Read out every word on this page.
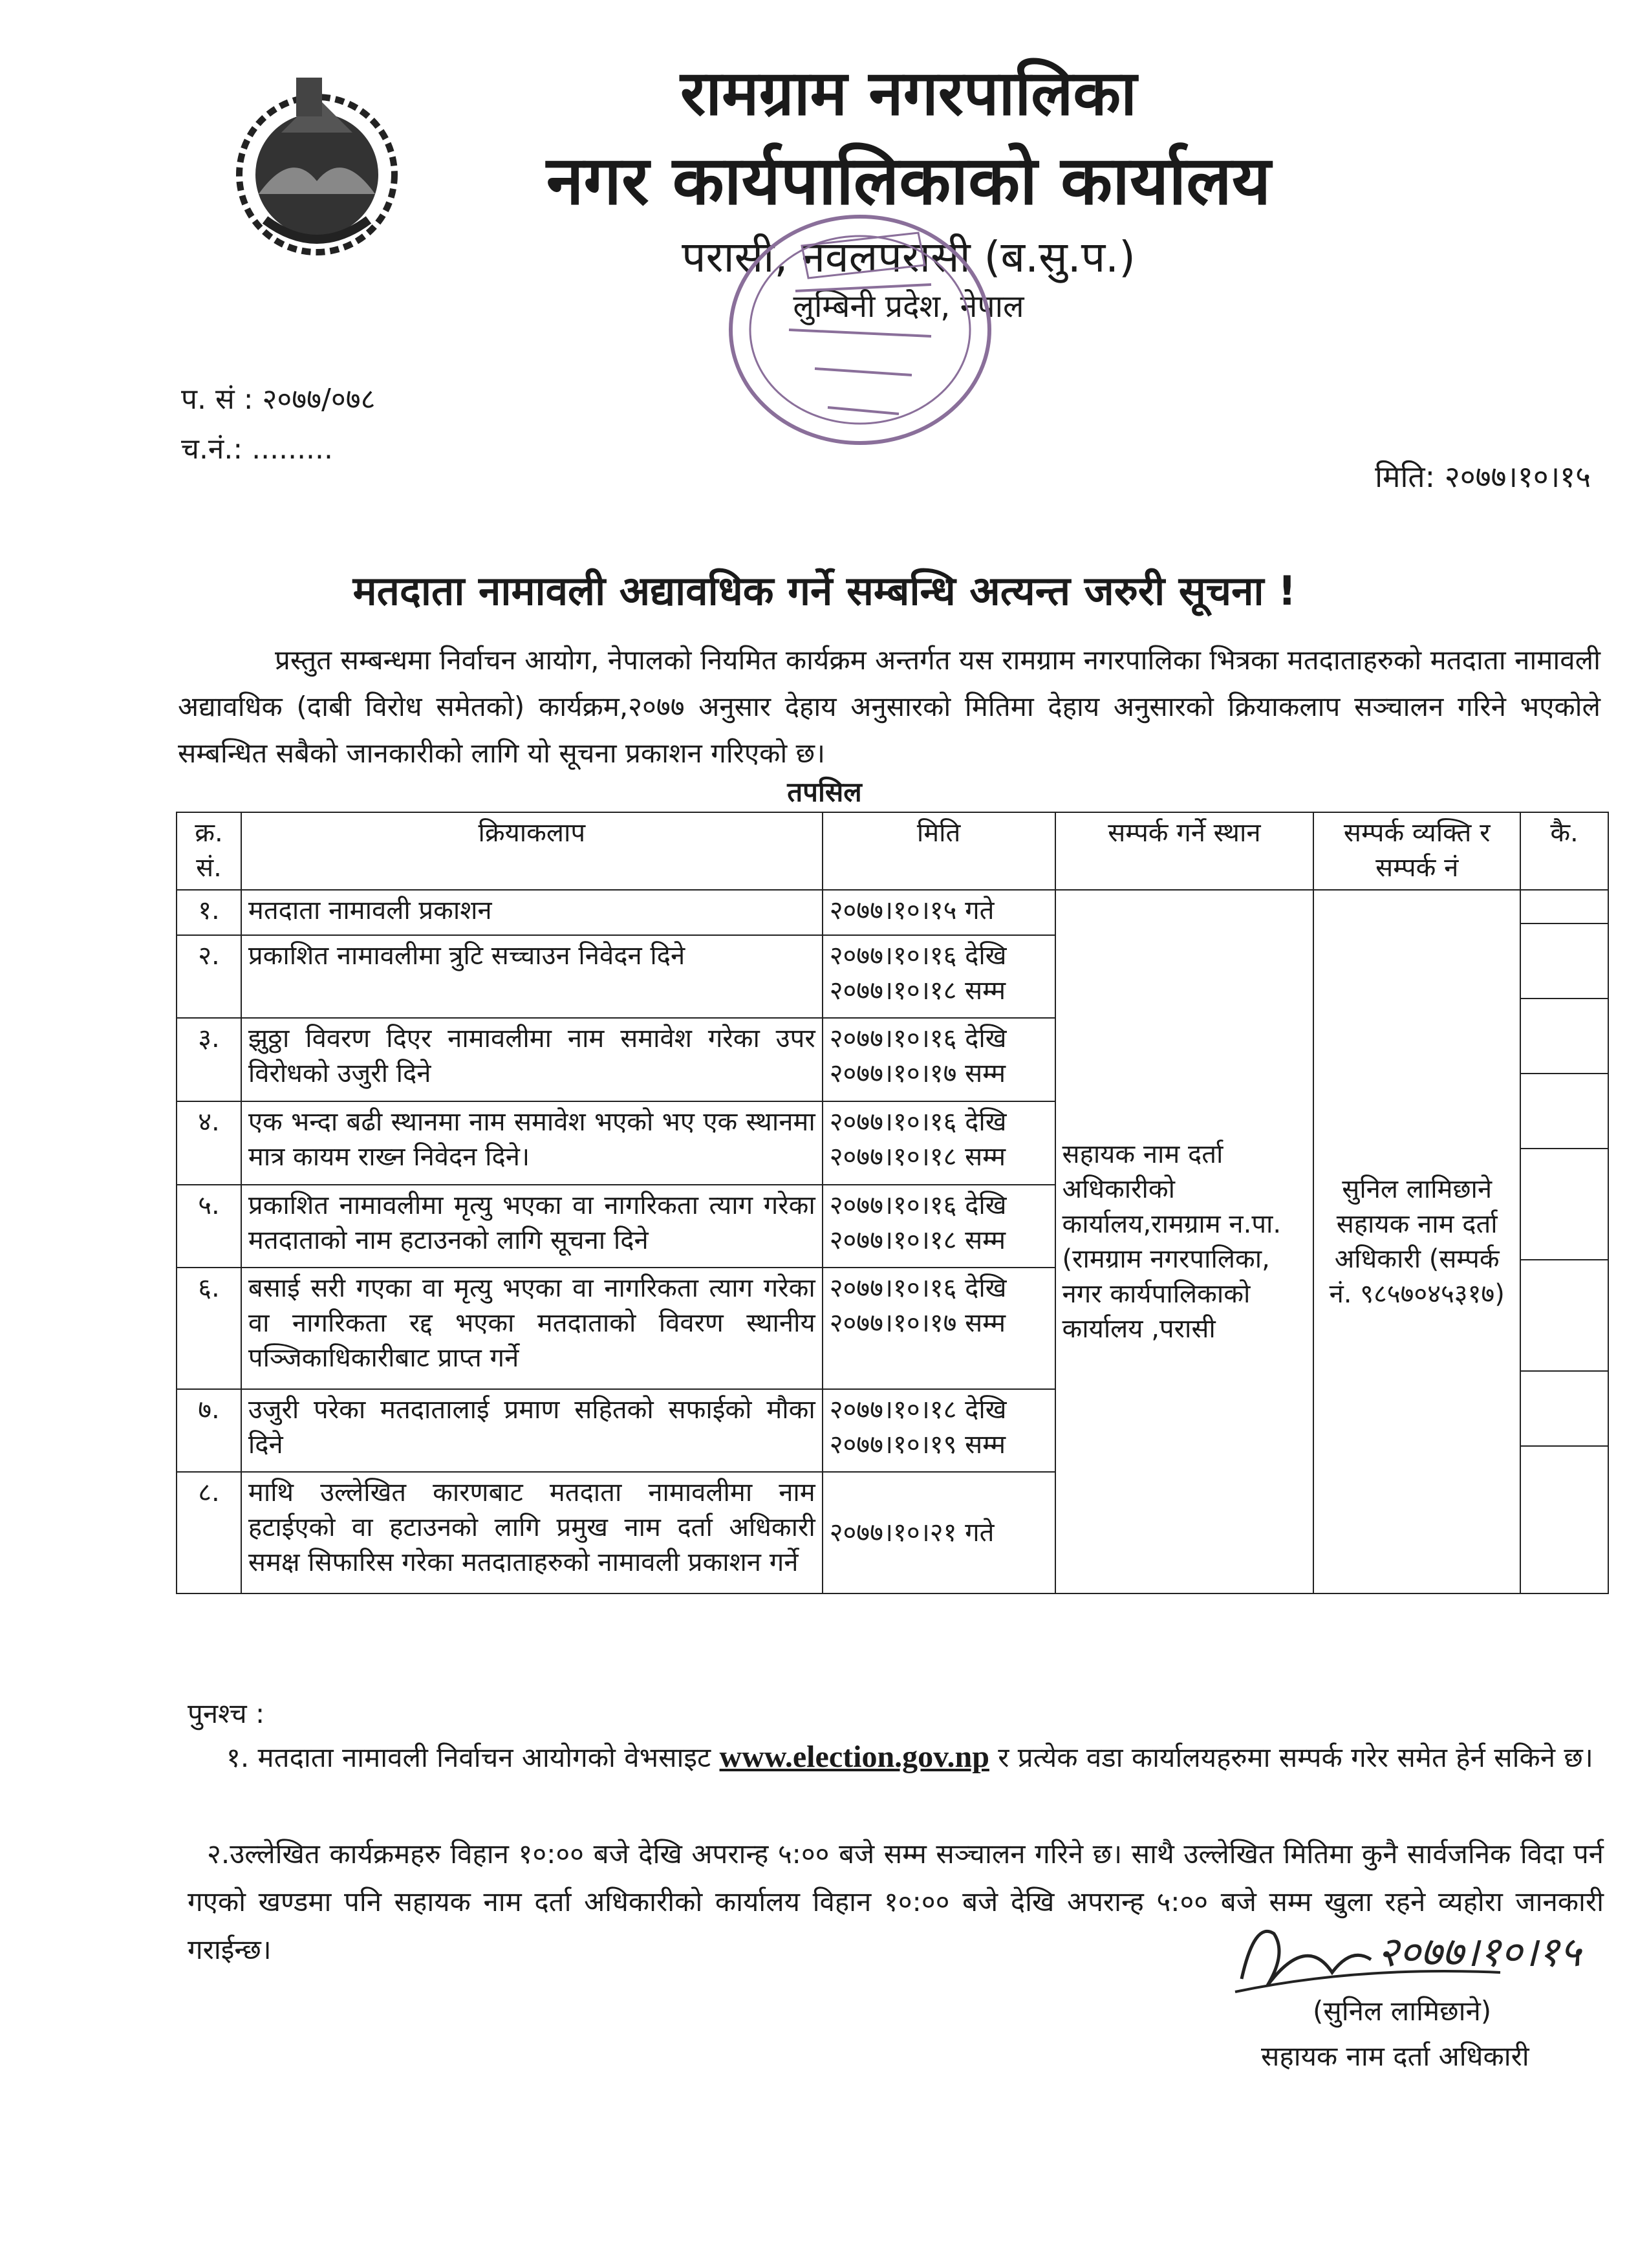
रामग्राम नगरपालिका
नगर कार्यपालिकाको कार्यालय
परासी, नवलपरासी (ब.सु.प.)
लुम्बिनी प्रदेश, नेपाल
प. सं : २०७७/०७८
च.नं.: .........
मिति: २०७७।१०।१५
मतदाता नामावली अद्यावधिक गर्ने सम्बन्धि अत्यन्त जरुरी सूचना !
प्रस्तुत सम्बन्धमा निर्वाचन आयोग, नेपालको नियमित कार्यक्रम अन्तर्गत यस रामग्राम नगरपालिका भित्रका मतदाताहरुको मतदाता नामावली अद्यावधिक (दाबी विरोध समेतको) कार्यक्रम,२०७७ अनुसार देहाय अनुसारको मितिमा देहाय अनुसारको क्रियाकलाप सञ्चालन गरिने भएकोले सम्बन्धित सबैको जानकारीको लागि यो सूचना प्रकाशन गरिएको छ।
तपसिल
क्र. सं.	क्रियाकलाप	मिति	सम्पर्क गर्ने स्थान	सम्पर्क व्यक्ति र सम्पर्क नं	कै.
१.	मतदाता नामावली प्रकाशन	२०७७।१०।१५ गते	सहायक नाम दर्ता अधिकारीको कार्यालय,रामग्राम न.पा.(रामग्राम नगरपालिका, नगर कार्यपालिकाको कार्यालय ,परासी	सुनिल लामिछाने सहायक नाम दर्ता अधिकारी (सम्पर्क नं. ९८५७०४५३१७)	

२.	प्रकाशित नामावलीमा त्रुटि सच्चाउन निवेदन दिने	२०७७।१०।१६ देखि
२०७७।१०।१८ सम्म			

३.	झुठ्ठा विवरण दिएर नामावलीमा नाम समावेश गरेका उपर विरोधको उजुरी दिने	२०७७।१०।१६ देखि
२०७७।१०।१७ सम्म			

४.	एक भन्दा बढी स्थानमा नाम समावेश भएको भए एक स्थानमा मात्र कायम राख्न निवेदन दिने।	२०७७।१०।१६ देखि
२०७७।१०।१८ सम्म			

५.	प्रकाशित नामावलीमा मृत्यु भएका वा नागरिकता त्याग गरेका मतदाताको नाम हटाउनको लागि सूचना दिने	२०७७।१०।१६ देखि
२०७७।१०।१८ सम्म			

६.	बसाई सरी गएका वा मृत्यु भएका वा नागरिकता त्याग गरेका वा नागरिकता रद्द भएका मतदाताको विवरण स्थानीय पञ्जिकाधिकारीबाट प्राप्त गर्ने	२०७७।१०।१६ देखि
२०७७।१०।१७ सम्म			

७.	उजुरी परेका मतदातालाई प्रमाण सहितको सफाईको मौका दिने	२०७७।१०।१८ देखि
२०७७।१०।१९ सम्म			

८.	माथि उल्लेखित कारणबाट मतदाता नामावलीमा नाम हटाईएको वा हटाउनको लागि प्रमुख नाम दर्ता अधिकारी समक्ष सिफारिस गरेका मतदाताहरुको नामावली प्रकाशन गर्ने	२०७७।१०।२१ गते			
पुनश्च :
१. मतदाता नामावली निर्वाचन आयोगको वेभसाइट www.election.gov.np र प्रत्येक वडा कार्यालयहरुमा सम्पर्क गरेर समेत हेर्न सकिने छ।
२.उल्लेखित कार्यक्रमहरु विहान १०:०० बजे देखि अपरान्ह ५:०० बजे सम्म सञ्चालन गरिने छ। साथै उल्लेखित मितिमा कुनै सार्वजनिक विदा पर्न गएको खण्डमा पनि सहायक नाम दर्ता अधिकारीको कार्यालय विहान १०:०० बजे देखि अपरान्ह ५:०० बजे सम्म खुला रहने व्यहोरा जानकारी गराईन्छ।	२०७७।१०।१५
(सुनिल लामिछाने)
सहायक नाम दर्ता अधिकारी
